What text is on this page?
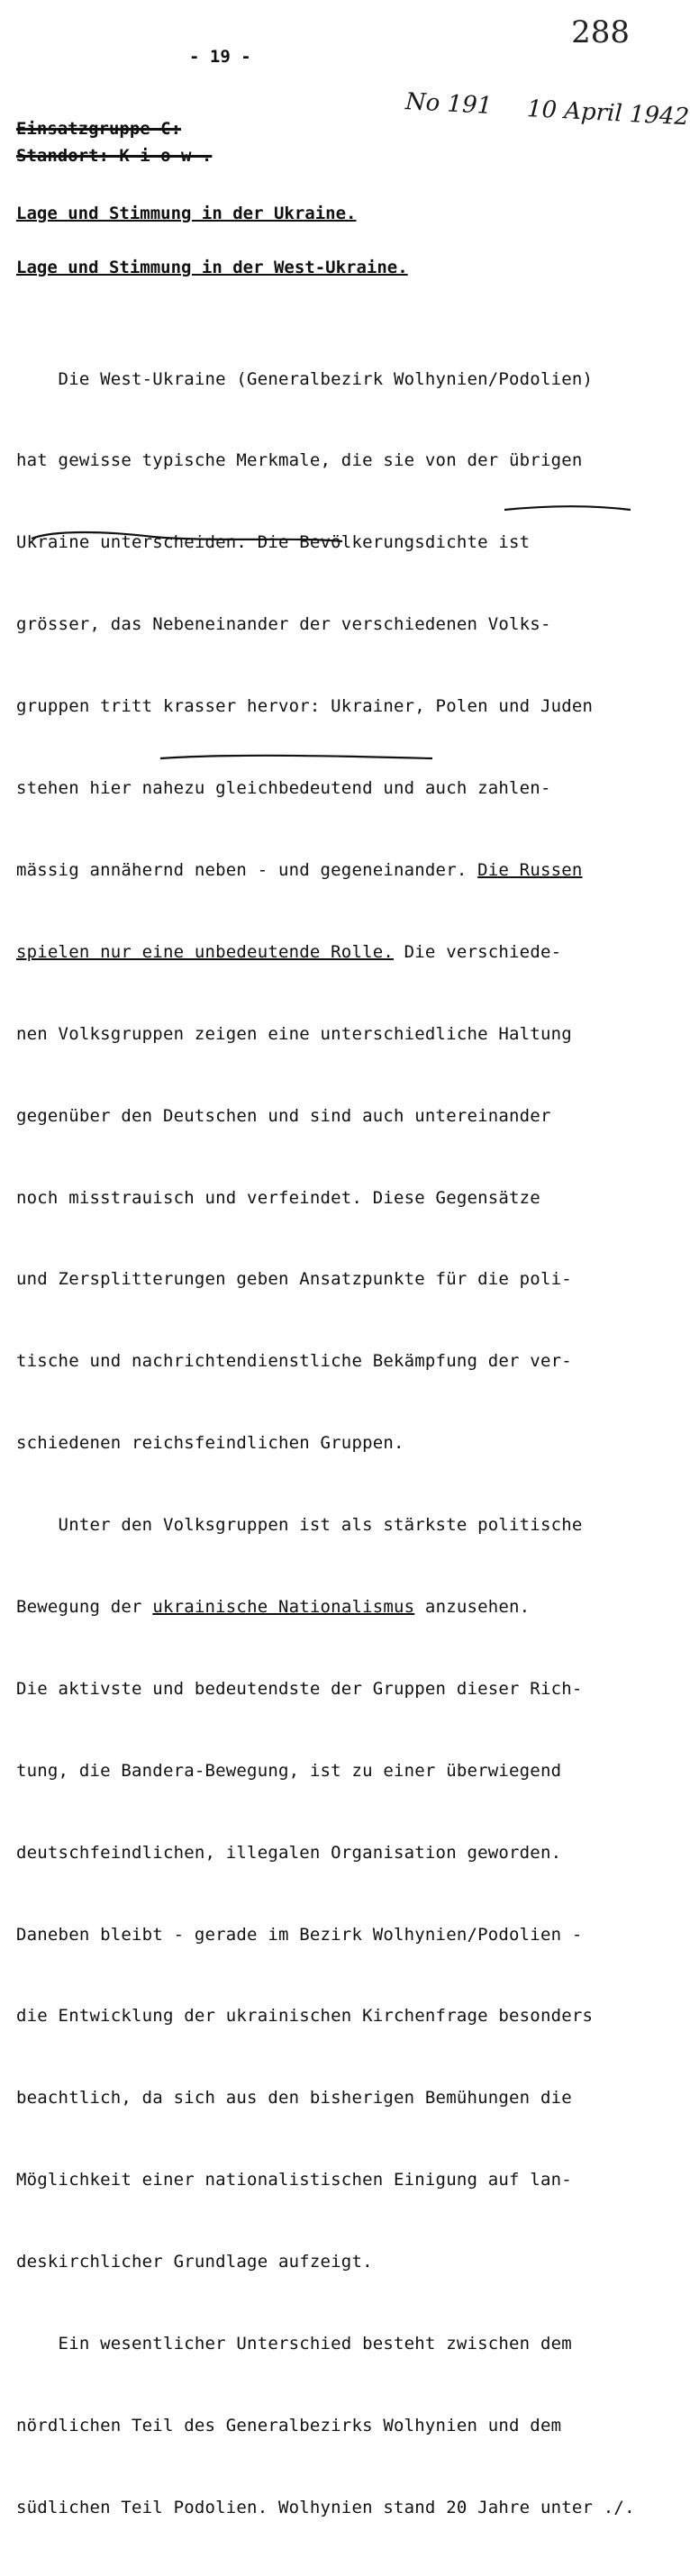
288
- 19 -
No 191 10 April 1942
Einsatzgruppe C:
Standort: K i o w .
Lage und Stimmung in der Ukraine.
Lage und Stimmung in der West-Ukraine.

Die West-Ukraine (Generalbezirk Wolhynien/Podolien)

hat gewisse typische Merkmale, die sie von der übrigen

Ukraine unterscheiden. Die Bevölkerungsdichte ist

grösser, das Nebeneinander der verschiedenen Volks-

gruppen tritt krasser hervor: Ukrainer, Polen und Juden

stehen hier nahezu gleichbedeutend und auch zahlen-

mässig annähernd neben - und gegeneinander. Die Russen

spielen nur eine unbedeutende Rolle. Die verschiede-

nen Volksgruppen zeigen eine unterschiedliche Haltung

gegenüber den Deutschen und sind auch untereinander

noch misstrauisch und verfeindet. Diese Gegensätze

und Zersplitterungen geben Ansatzpunkte für die poli-

tische und nachrichtendienstliche Bekämpfung der ver-

schiedenen reichsfeindlichen Gruppen.

Unter den Volksgruppen ist als stärkste politische

Bewegung der ukrainische Nationalismus anzusehen.

Die aktivste und bedeutendste der Gruppen dieser Rich-

tung, die Bandera-Bewegung, ist zu einer überwiegend

deutschfeindlichen, illegalen Organisation geworden.

Daneben bleibt - gerade im Bezirk Wolhynien/Podolien -

die Entwicklung der ukrainischen Kirchenfrage besonders

beachtlich, da sich aus den bisherigen Bemühungen die

Möglichkeit einer nationalistischen Einigung auf lan-

deskirchlicher Grundlage aufzeigt.

Ein wesentlicher Unterschied besteht zwischen dem

nördlichen Teil des Generalbezirks Wolhynien und dem

südlichen Teil Podolien. Wolhynien stand 20 Jahre unter ./.
